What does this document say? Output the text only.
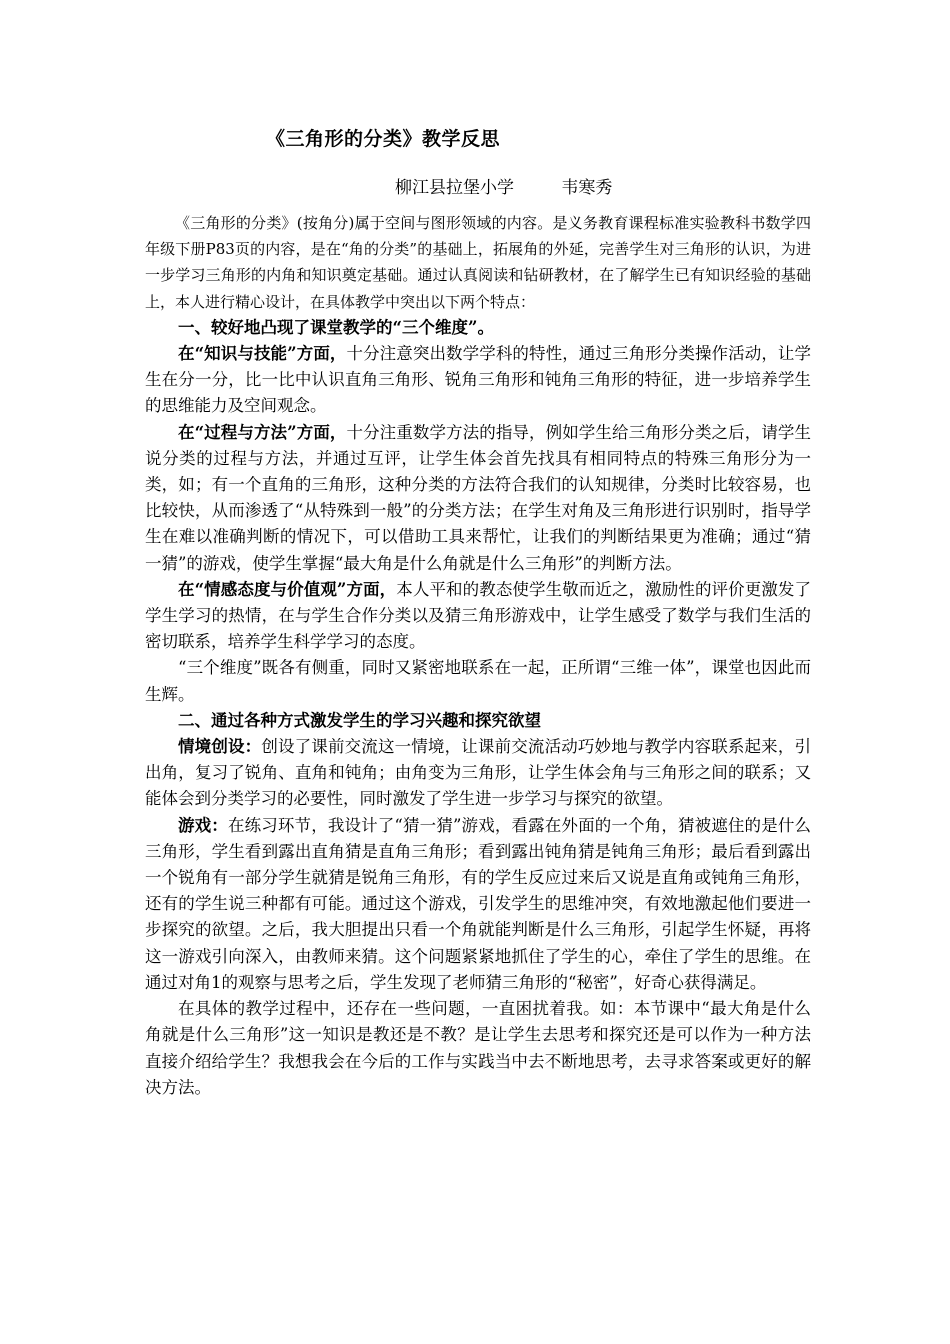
《三角形的分类》教学反思
柳江县拉堡小学	韦寒秀

《三角形的分类》(按角分)属于空间与图形领域的内容。是义务教育课程标准实验教科书数学四年级下册P83页的内容，是在“角的分类”的基础上，拓展角的外延，完善学生对三角形的认识，为进一步学习三角形的内角和知识奠定基础。通过认真阅读和钻研教材，在了解学生已有知识经验的基础上，本人进行精心设计，在具体教学中突出以下两个特点：

一、较好地凸现了课堂教学的“三个维度”。

在“知识与技能”方面，十分注意突出数学学科的特性，通过三角形分类操作活动，让学生在分一分，比一比中认识直角三角形、锐角三角形和钝角三角形的特征，进一步培养学生的思维能力及空间观念。

在“过程与方法”方面，十分注重数学方法的指导，例如学生给三角形分类之后，请学生说分类的过程与方法，并通过互评，让学生体会首先找具有相同特点的特殊三角形分为一类，如；有一个直角的三角形，这种分类的方法符合我们的认知规律，分类时比较容易，也比较快，从而渗透了“从特殊到一般”的分类方法；在学生对角及三角形进行识别时，指导学生在难以准确判断的情况下，可以借助工具来帮忙，让我们的判断结果更为准确；通过“猜一猜”的游戏，使学生掌握“最大角是什么角就是什么三角形”的判断方法。

在“情感态度与价值观”方面，本人平和的教态使学生敬而近之，激励性的评价更激发了学生学习的热情，在与学生合作分类以及猜三角形游戏中，让学生感受了数学与我们生活的密切联系，培养学生科学学习的态度。

“三个维度”既各有侧重，同时又紧密地联系在一起，正所谓“三维一体”，课堂也因此而生辉。

二、通过各种方式激发学生的学习兴趣和探究欲望

情境创设：创设了课前交流这一情境，让课前交流活动巧妙地与教学内容联系起来，引出角，复习了锐角、直角和钝角；由角变为三角形，让学生体会角与三角形之间的联系；又能体会到分类学习的必要性，同时激发了学生进一步学习与探究的欲望。

游戏：在练习环节，我设计了“猜一猜”游戏，看露在外面的一个角，猜被遮住的是什么三角形，学生看到露出直角猜是直角三角形；看到露出钝角猜是钝角三角形；最后看到露出一个锐角有一部分学生就猜是锐角三角形，有的学生反应过来后又说是直角或钝角三角形，还有的学生说三种都有可能。通过这个游戏，引发学生的思维冲突，有效地激起他们要进一步探究的欲望。之后，我大胆提出只看一个角就能判断是什么三角形，引起学生怀疑，再将这一游戏引向深入，由教师来猜。这个问题紧紧地抓住了学生的心，牵住了学生的思维。在通过对角1的观察与思考之后，学生发现了老师猜三角形的“秘密”，好奇心获得满足。

在具体的教学过程中，还存在一些问题，一直困扰着我。如：本节课中“最大角是什么角就是什么三角形”这一知识是教还是不教？是让学生去思考和探究还是可以作为一种方法直接介绍给学生？我想我会在今后的工作与实践当中去不断地思考，去寻求答案或更好的解决方法。
